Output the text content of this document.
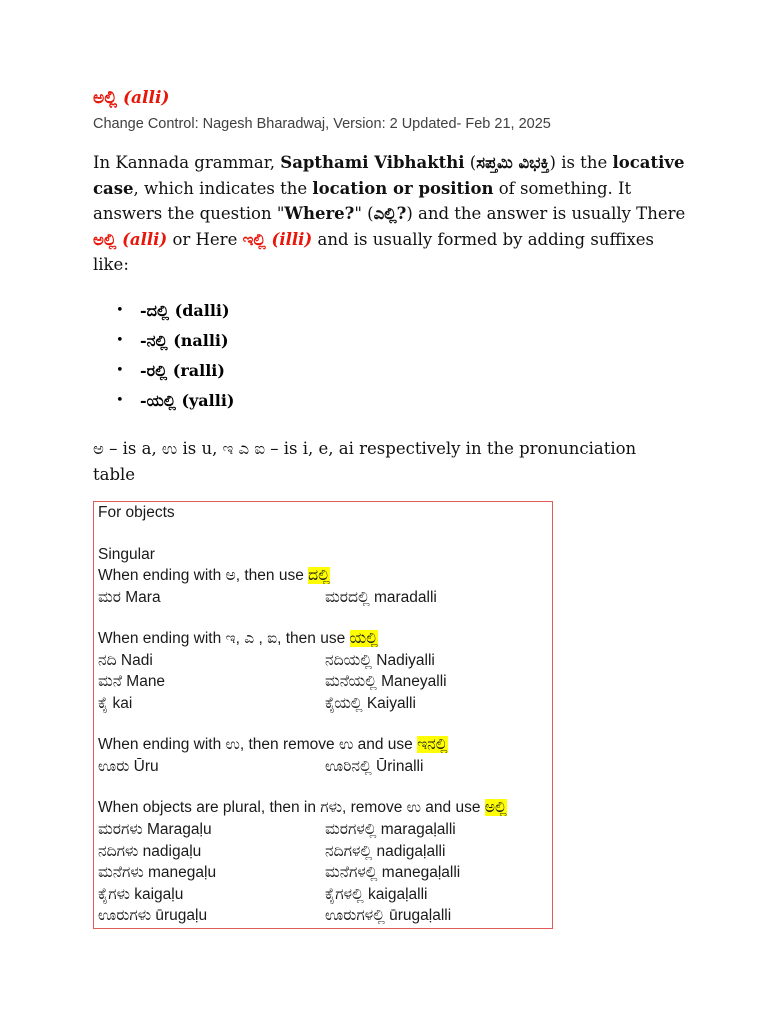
ಅಲ್ಲಿ (alli)
Change Control: Nagesh Bharadwaj, Version: 2 Updated- Feb 21, 2025
In Kannada grammar, Sapthami Vibhakthi (ಸಪ್ತಮಿ ವಿಭಕ್ತಿ) is the locative case, which indicates the location or position of something. It answers the question "Where?" (ಎಲ್ಲಿ?) and the answer is usually There ಅಲ್ಲಿ (alli) or Here ಇಲ್ಲಿ (illi) and is usually formed by adding suffixes like:
• -ದಲ್ಲಿ (dalli)
• -ನಲ್ಲಿ (nalli)
• -ರಲ್ಲಿ (ralli)
• -ಯಲ್ಲಿ (yalli)
ಅ – is a, ಉ is u, ಇ ಎ ಐ – is i, e, ai respectively in the pronunciation table
For objects
Singular
When ending with ಅ, then use ದಲ್ಲಿ
ಮರ Mara	ಮರದಲ್ಲಿ maradalli
When ending with ಇ, ಎ , ಐ, then use ಯಲ್ಲಿ
ನದಿ Nadi	ನದಿಯಲ್ಲಿ Nadiyalli
ಮನೆ Mane	ಮನೆಯಲ್ಲಿ Maneyalli
ಕೈ kai	ಕೈಯಲ್ಲಿ Kaiyalli
When ending with ಉ, then remove ಉ and use ಇನಲ್ಲಿ
ಊರು Ūru	ಊರಿನಲ್ಲಿ Ūrinalli
When objects are plural, then in ಗಳು, remove ಉ and use ಅಲ್ಲಿ
ಮರಗಳು Maragaḷu	ಮರಗಳಲ್ಲಿ maragaḷalli
ನದಿಗಳು nadigaḷu	ನದಿಗಳಲ್ಲಿ nadigaḷalli
ಮನೆಗಳು manegaḷu	ಮನೆಗಳಲ್ಲಿ manegaḷalli
ಕೈಗಳು kaigaḷu	ಕೈಗಳಲ್ಲಿ kaigaḷalli
ಊರುಗಳು ūrugaḷu	ಊರುಗಳಲ್ಲಿ ūrugaḷalli
